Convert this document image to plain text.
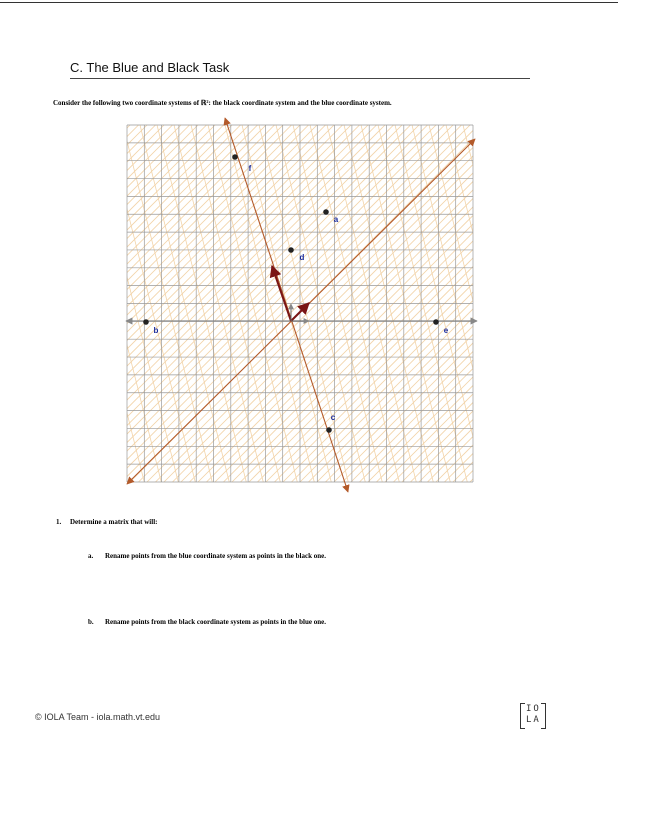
C. The Blue and Black Task
Consider the following two coordinate systems of ℝ²: the black coordinate system and the blue coordinate system.
a
b
c
d
e
f
1. Determine a matrix that will:
a. Rename points from the blue coordinate system as points in the black one.
b. Rename points from the black coordinate system as points in the blue one.
© IOLA Team - iola.math.vt.edu
IO
LA
